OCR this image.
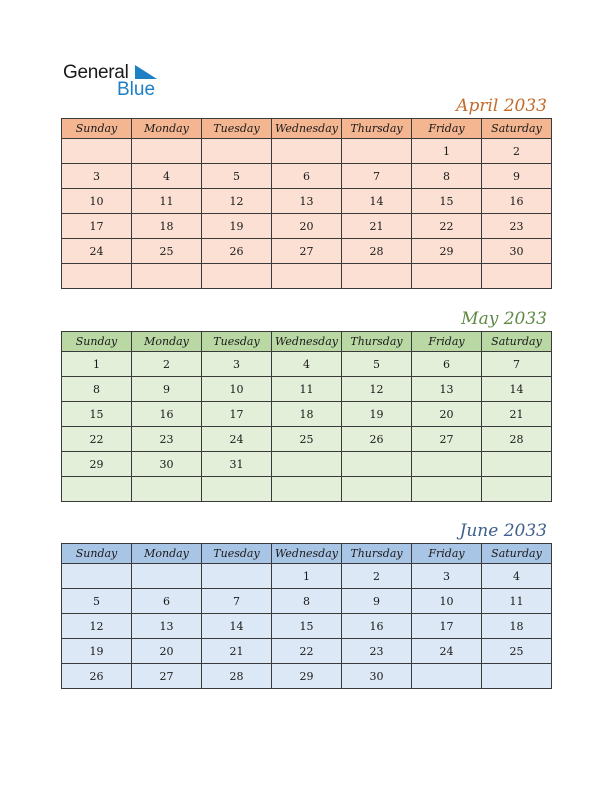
General
Blue
April 2033
Sunday	Monday	Tuesday	Wednesday	Thursday	Friday	Saturday
					1	2
3	4	5	6	7	8	9
10	11	12	13	14	15	16
17	18	19	20	21	22	23
24	25	26	27	28	29	30

May 2033
Sunday	Monday	Tuesday	Wednesday	Thursday	Friday	Saturday
1	2	3	4	5	6	7
8	9	10	11	12	13	14
15	16	17	18	19	20	21
22	23	24	25	26	27	28
29	30	31				

June 2033
Sunday	Monday	Tuesday	Wednesday	Thursday	Friday	Saturday
			1	2	3	4
5	6	7	8	9	10	11
12	13	14	15	16	17	18
19	20	21	22	23	24	25
26	27	28	29	30		
